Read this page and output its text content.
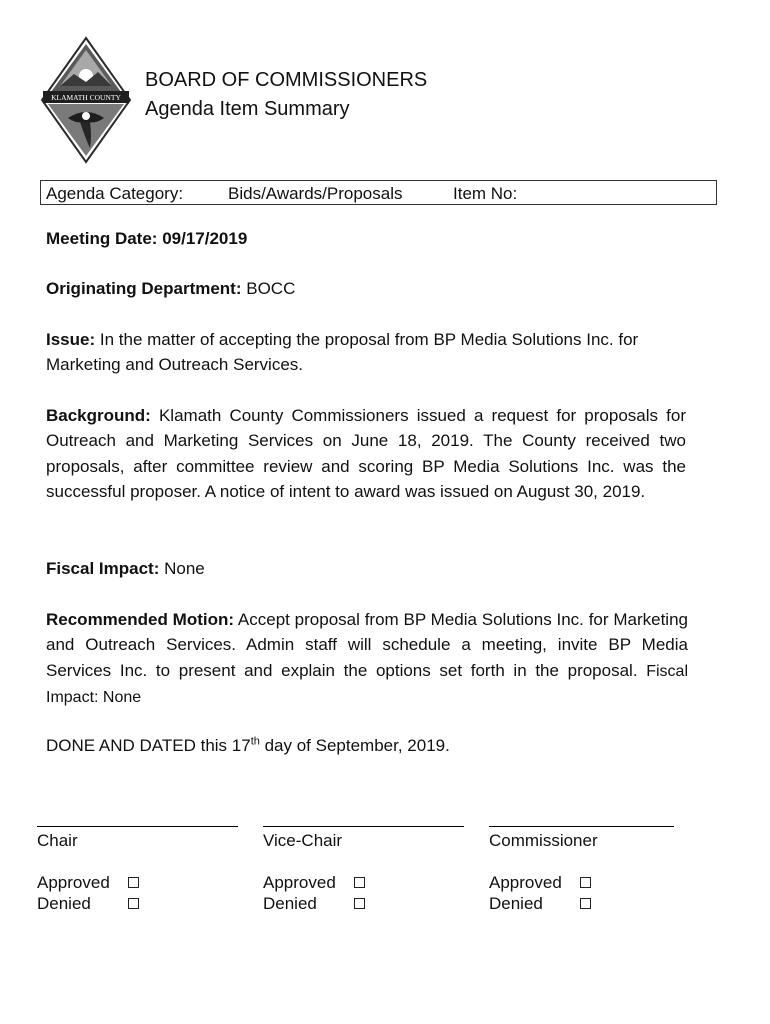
KLAMATH COUNTY
BOARD OF COMMISSIONERS
Agenda Item Summary
Agenda Category:	Bids/Awards/Proposals	Item No:

Meeting Date: 09/17/2019

Originating Department: BOCC

Issue: In the matter of accepting the proposal from BP Media Solutions Inc. for Marketing and Outreach Services.

Background: Klamath County Commissioners issued a request for proposals for Outreach and Marketing Services on June 18, 2019. The County received two proposals, after committee review and scoring BP Media Solutions Inc. was the successful proposer. A notice of intent to award was issued on August 30, 2019.

Fiscal Impact: None

Recommended Motion: Accept proposal from BP Media Solutions Inc. for Marketing and Outreach Services. Admin staff will schedule a meeting, invite BP Media Services Inc. to present and explain the options set forth in the proposal. Fiscal Impact: None

DONE AND DATED this 17th day of September, 2019.

Chair
Approved
Denied
Vice-Chair
Approved
Denied
Commissioner
Approved
Denied
